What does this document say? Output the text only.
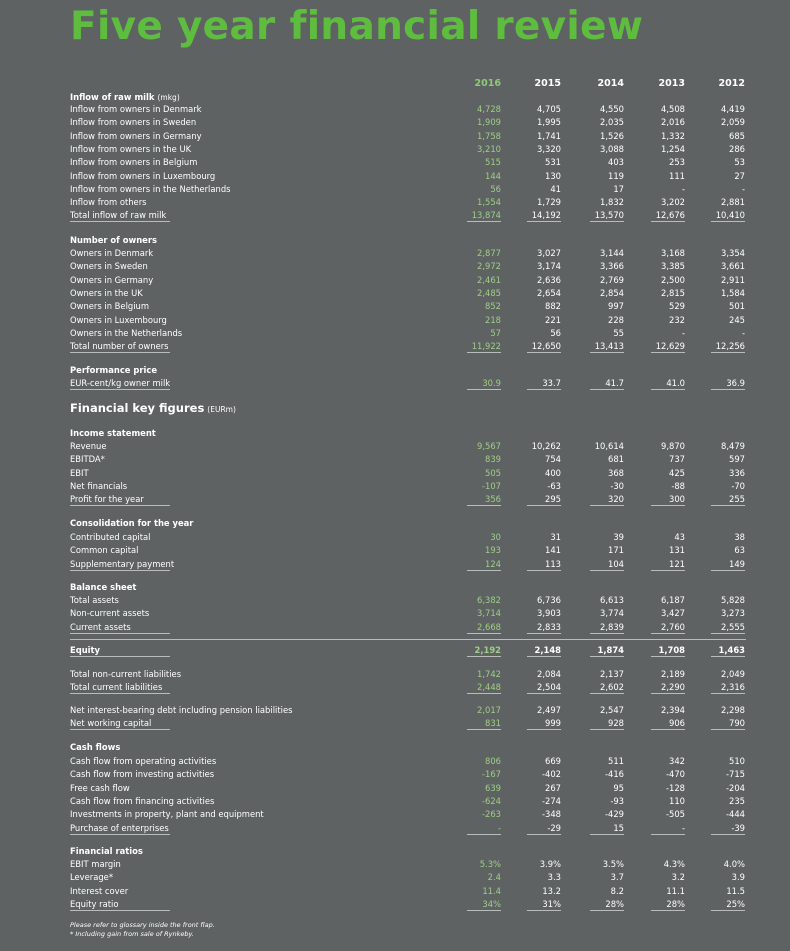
Five year financial review
2016	2015	2014	2013	2012
Inflow of raw milk (mkg)
Inflow from owners in Denmark	4,728	4,705	4,550	4,508	4,419
Inflow from owners in Sweden	1,909	1,995	2,035	2,016	2,059
Inflow from owners in Germany	1,758	1,741	1,526	1,332	685
Inflow from owners in the UK	3,210	3,320	3,088	1,254	286
Inflow from owners in Belgium	515	531	403	253	53
Inflow from owners in Luxembourg	144	130	119	111	27
Inflow from owners in the Netherlands	56	41	17	-	-
Inflow from others	1,554	1,729	1,832	3,202	2,881
Total inflow of raw milk	13,874	14,192	13,570	12,676	10,410
Number of owners
Owners in Denmark	2,877	3,027	3,144	3,168	3,354
Owners in Sweden	2,972	3,174	3,366	3,385	3,661
Owners in Germany	2,461	2,636	2,769	2,500	2,911
Owners in the UK	2,485	2,654	2,854	2,815	1,584
Owners in Belgium	852	882	997	529	501
Owners in Luxembourg	218	221	228	232	245
Owners in the Netherlands	57	56	55	-	-
Total number of owners	11,922	12,650	13,413	12,629	12,256
Performance price
EUR-cent/kg owner milk	30.9	33.7	41.7	41.0	36.9
Income statement
Revenue	9,567	10,262	10,614	9,870	8,479
EBITDA*	839	754	681	737	597
EBIT	505	400	368	425	336
Net financials	-107	-63	-30	-88	-70
Profit for the year	356	295	320	300	255
Consolidation for the year
Contributed capital	30	31	39	43	38
Common capital	193	141	171	131	63
Supplementary payment	124	113	104	121	149
Balance sheet
Total assets	6,382	6,736	6,613	6,187	5,828
Non-current assets	3,714	3,903	3,774	3,427	3,273
Current assets	2,668	2,833	2,839	2,760	2,555
Equity	2,192	2,148	1,874	1,708	1,463
Total non-current liabilities	1,742	2,084	2,137	2,189	2,049
Total current liabilities	2,448	2,504	2,602	2,290	2,316
Net interest-bearing debt including pension liabilities	2,017	2,497	2,547	2,394	2,298
Net working capital	831	999	928	906	790
Cash flows
Cash flow from operating activities	806	669	511	342	510
Cash flow from investing activities	-167	-402	-416	-470	-715
Free cash flow	639	267	95	-128	-204
Cash flow from financing activities	-624	-274	-93	110	235
Investments in property, plant and equipment	-263	-348	-429	-505	-444
Purchase of enterprises	-	-29	15	-	-39
Financial ratios
EBIT margin	5.3%	3.9%	3.5%	4.3%	4.0%
Leverage*	2.4	3.3	3.7	3.2	3.9
Interest cover	11.4	13.2	8.2	11.1	11.5
Equity ratio	34%	31%	28%	28%	25%
Financial key figures (EURm)
Please refer to glossary inside the front flap.
* Including gain from sale of Rynkeby.
